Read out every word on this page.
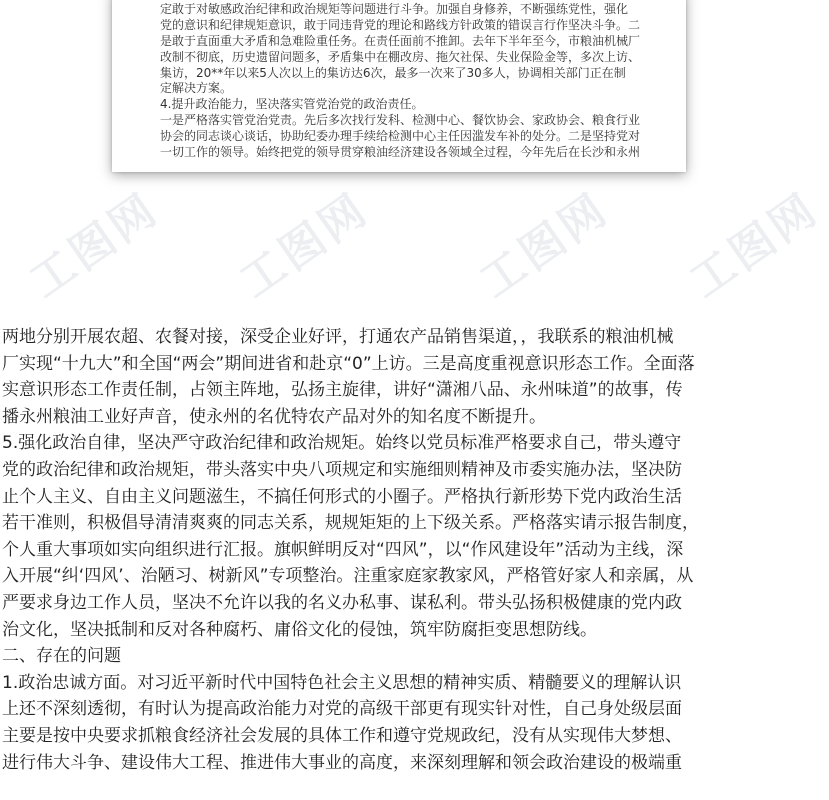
工图网 工图网 工图网 工图网
定敢于对敏感政治纪律和政治规矩等问题进行斗争。加强自身修养，不断强练党性，强化
党的意识和纪律规矩意识，敢于同违背党的理论和路线方针政策的错误言行作坚决斗争。二
是敢于直面重大矛盾和急难险重任务。在责任面前不推卸。去年下半年至今，市粮油机械厂
改制不彻底，历史遗留问题多，矛盾集中在棚改房、拖欠社保、失业保险金等，多次上访、
集访，20**年以来5人次以上的集访达6次，最多一次来了30多人，协调相关部门正在制
定解决方案。
4.提升政治能力，坚决落实管党治党的政治责任。
一是严格落实管党治党责。先后多次找行发科、检测中心、餐饮协会、家政协会、粮食行业
协会的同志谈心谈话，协助纪委办理手续给检测中心主任因滥发车补的处分。二是坚持党对
一切工作的领导。始终把党的领导贯穿粮油经济建设各领域全过程，今年先后在长沙和永州
两地分别开展农超、农餐对接，深受企业好评，打通农产品销售渠道，，我联系的粮油机械
厂实现“十九大”和全国“两会”期间进省和赴京“0”上访。三是高度重视意识形态工作。全面落
实意识形态工作责任制，占领主阵地，弘扬主旋律，讲好“潇湘八品、永州味道”的故事，传
播永州粮油工业好声音，使永州的名优特农产品对外的知名度不断提升。
5.强化政治自律，坚决严守政治纪律和政治规矩。始终以党员标准严格要求自己，带头遵守
党的政治纪律和政治规矩，带头落实中央八项规定和实施细则精神及市委实施办法，坚决防
止个人主义、自由主义问题滋生，不搞任何形式的小圈子。严格执行新形势下党内政治生活
若干准则，积极倡导清清爽爽的同志关系，规规矩矩的上下级关系。严格落实请示报告制度，
个人重大事项如实向组织进行汇报。旗帜鲜明反对“四风”，以“作风建设年”活动为主线，深
入开展“纠‘四风’、治陋习、树新风”专项整治。注重家庭家教家风，严格管好家人和亲属，从
严要求身边工作人员，坚决不允许以我的名义办私事、谋私利。带头弘扬积极健康的党内政
治文化，坚决抵制和反对各种腐朽、庸俗文化的侵蚀，筑牢防腐拒变思想防线。
二、存在的问题
1.政治忠诚方面。对习近平新时代中国特色社会主义思想的精神实质、精髓要义的理解认识
上还不深刻透彻，有时认为提高政治能力对党的高级干部更有现实针对性，自己身处级层面
主要是按中央要求抓粮食经济社会发展的具体工作和遵守党规政纪，没有从实现伟大梦想、
进行伟大斗争、建设伟大工程、推进伟大事业的高度，来深刻理解和领会政治建设的极端重
